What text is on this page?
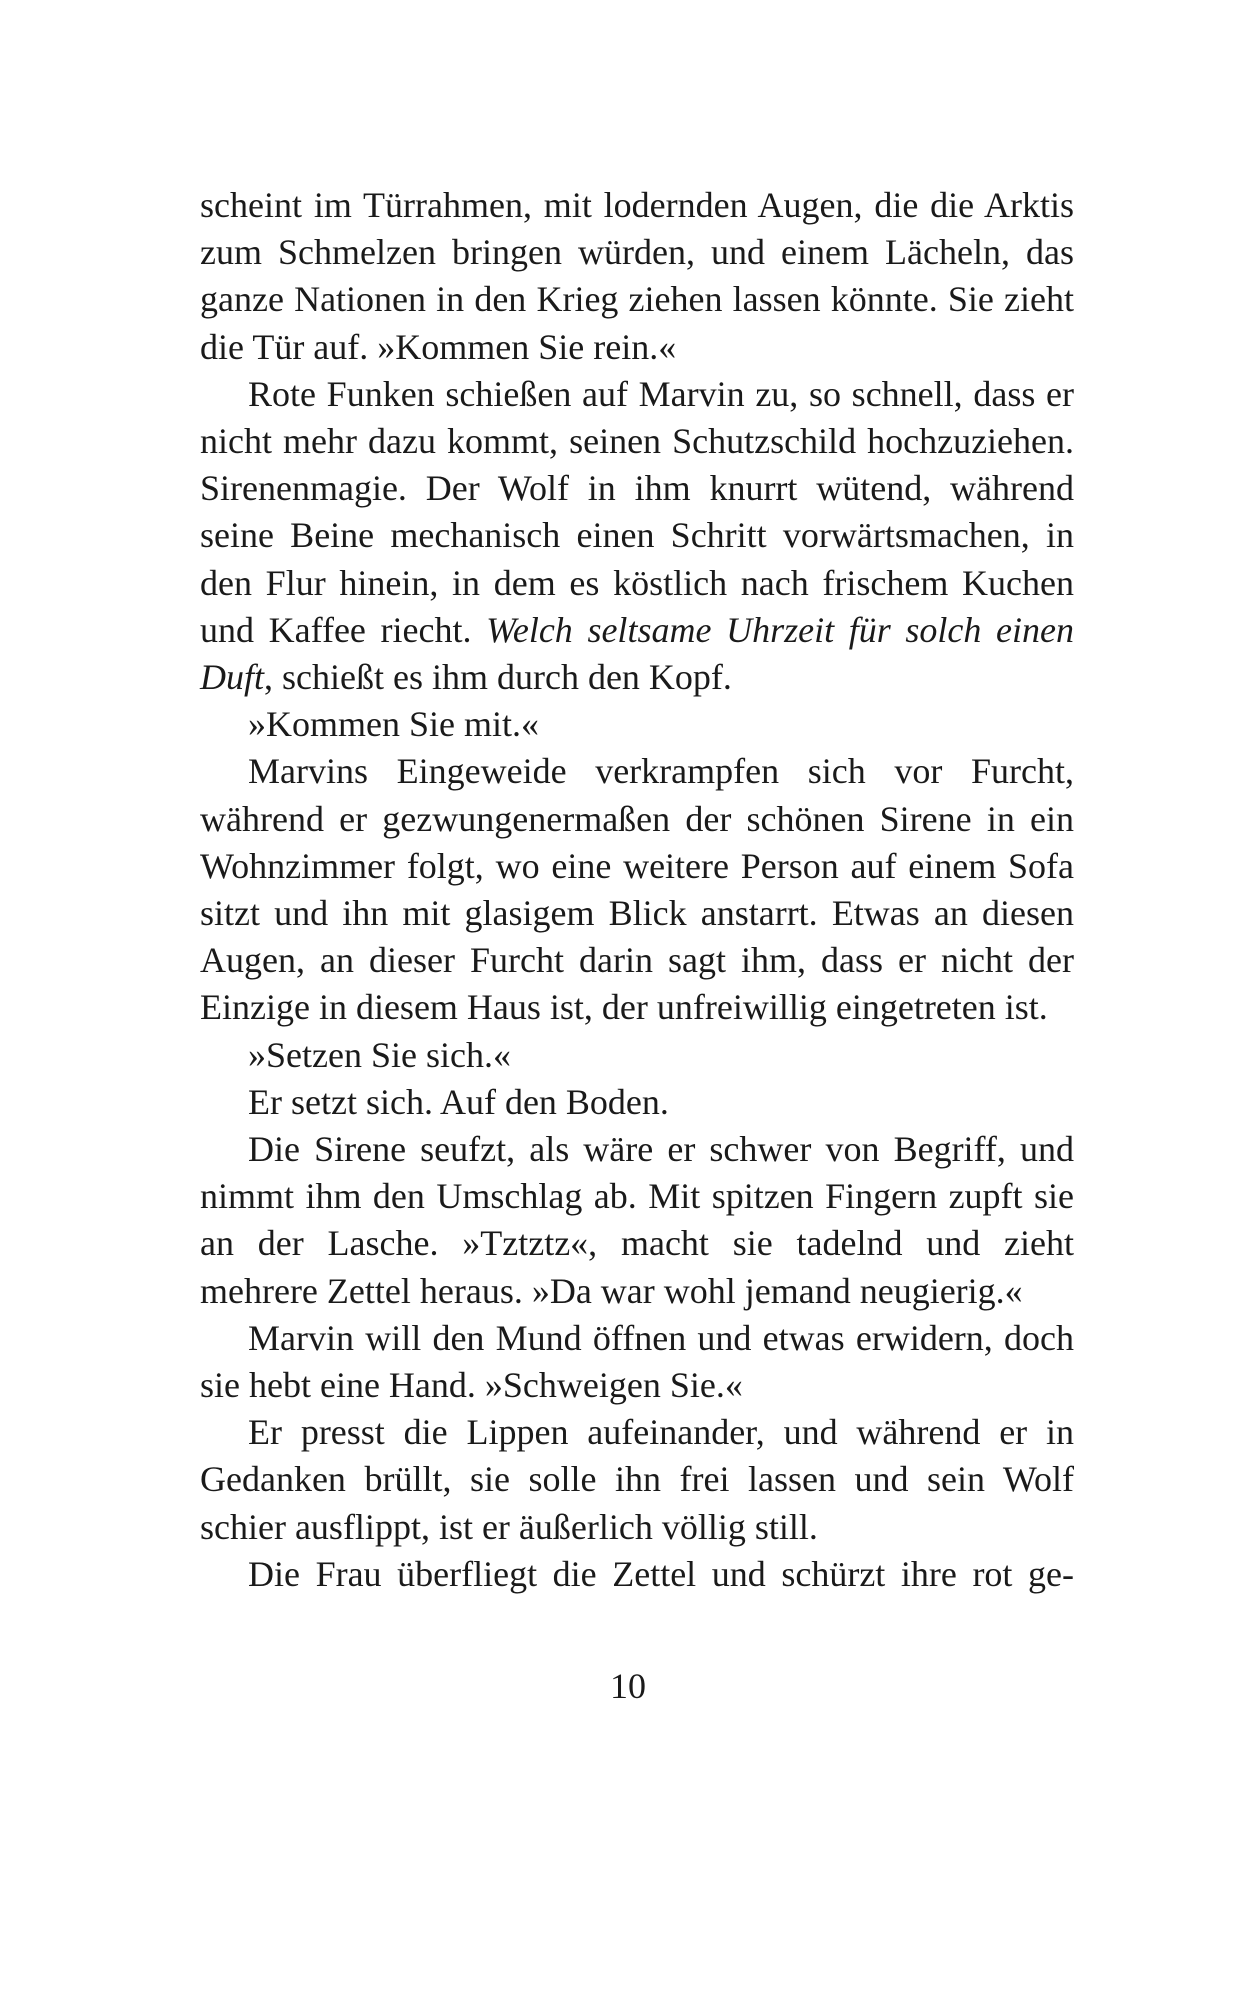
scheint im Türrahmen, mit lodernden Augen, die die Arktis zum Schmelzen bringen würden, und einem Lächeln, das ganze Nationen in den Krieg ziehen lassen könnte. Sie zieht die Tür auf. »Kommen Sie rein.«

Rote Funken schießen auf Marvin zu, so schnell, dass er nicht mehr dazu kommt, seinen Schutzschild hochzuziehen. Sirenenmagie. Der Wolf in ihm knurrt wütend, während seine Beine mechanisch einen Schritt vorwärtsmachen, in den Flur hinein, in dem es köstlich nach frischem Kuchen und Kaffee riecht. Welch seltsame Uhrzeit für solch einen Duft, schießt es ihm durch den Kopf.

»Kommen Sie mit.«

Marvins Eingeweide verkrampfen sich vor Furcht, während er gezwungenermaßen der schönen Sirene in ein Wohnzimmer folgt, wo eine weitere Person auf einem Sofa sitzt und ihn mit glasigem Blick anstarrt. Etwas an diesen Augen, an dieser Furcht darin sagt ihm, dass er nicht der Einzige in diesem Haus ist, der unfreiwillig eingetreten ist.

»Setzen Sie sich.«

Er setzt sich. Auf den Boden.

Die Sirene seufzt, als wäre er schwer von Begriff, und nimmt ihm den Umschlag ab. Mit spitzen Fingern zupft sie an der Lasche. »Tztztz«, macht sie tadelnd und zieht mehrere Zettel heraus. »Da war wohl jemand neugierig.«

Marvin will den Mund öffnen und etwas erwidern, doch sie hebt eine Hand. »Schweigen Sie.«

Er presst die Lippen aufeinander, und während er in Gedanken brüllt, sie solle ihn frei lassen und sein Wolf schier ausflippt, ist er äußerlich völlig still.

Die Frau überfliegt die Zettel und schürzt ihre rot ge-

10
